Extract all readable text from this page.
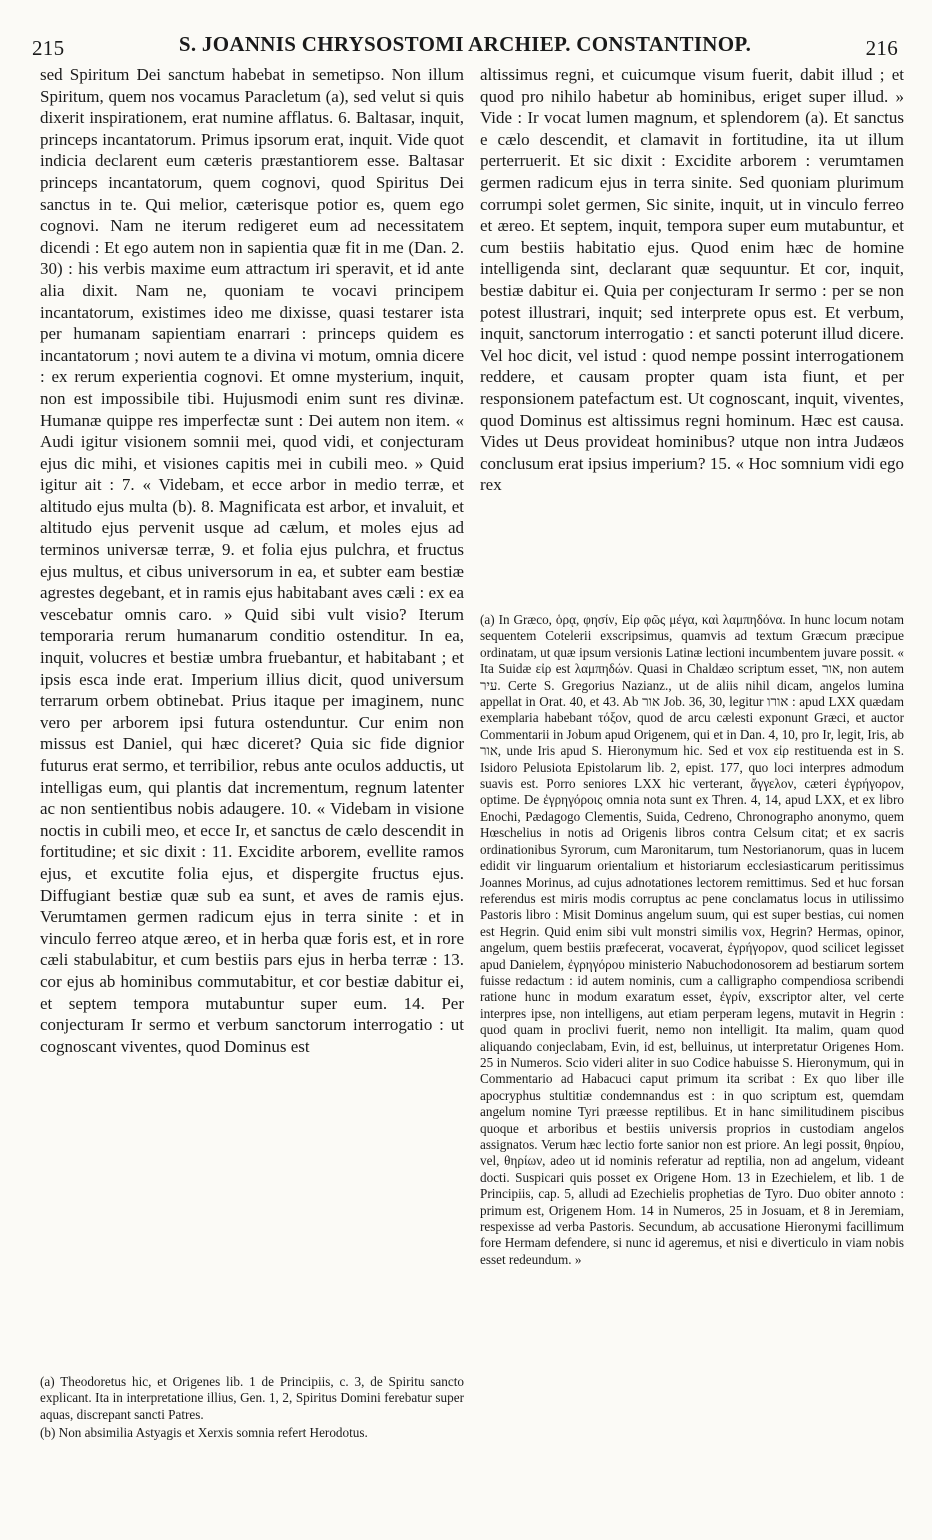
215	S. JOANNIS CHRYSOSTOMI ARCHIEP. CONSTANTINOP.	216

sed Spiritum Dei sanctum habebat in semetipso. Non illum Spiritum, quem nos vocamus Paracletum (a), sed velut si quis dixerit inspirationem, erat numine afflatus. 6. Baltasar, inquit, princeps incantatorum. Primus ipsorum erat, inquit. Vide quot indicia declarent eum cæteris præstantiorem esse. Baltasar princeps incantatorum, quem cognovi, quod Spiritus Dei sanctus in te. Qui melior, cæterisque potior es, quem ego cognovi. Nam ne iterum redigeret eum ad necessitatem dicendi : Et ego autem non in sapientia quæ fit in me (Dan. 2. 30) : his verbis maxime eum attractum iri speravit, et id ante alia dixit. Nam ne, quoniam te vocavi principem incantatorum, existimes ideo me dixisse, quasi testarer ista per humanam sapientiam enarrari : princeps quidem es incantatorum ; novi autem te a divina vi motum, omnia dicere : ex rerum experientia cognovi. Et omne mysterium, inquit, non est impossibile tibi. Hujusmodi enim sunt res divinæ. Humanæ quippe res imperfectæ sunt : Dei autem non item. « Audi igitur visionem somnii mei, quod vidi, et conjecturam ejus dic mihi, et visiones capitis mei in cubili meo. » Quid igitur ait : 7. « Videbam, et ecce arbor in medio terræ, et altitudo ejus multa (b). 8. Magnificata est arbor, et invaluit, et altitudo ejus pervenit usque ad cælum, et moles ejus ad terminos universæ terræ, 9. et folia ejus pulchra, et fructus ejus multus, et cibus universorum in ea, et subter eam bestiæ agrestes degebant, et in ramis ejus habitabant aves cæli : ex ea vescebatur omnis caro. » Quid sibi vult visio? Iterum temporaria rerum humanarum conditio ostenditur. In ea, inquit, volucres et bestiæ umbra fruebantur, et habitabant ; et ipsis esca inde erat. Imperium illius dicit, quod universum terrarum orbem obtinebat. Prius itaque per imaginem, nunc vero per arborem ipsi futura ostenduntur. Cur enim non missus est Daniel, qui hæc diceret? Quia sic fide dignior futurus erat sermo, et terribilior, rebus ante oculos adductis, ut intelligas eum, qui plantis dat incrementum, regnum latenter ac non sentientibus nobis adaugere. 10. « Videbam in visione noctis in cubili meo, et ecce Ir, et sanctus de cælo descendit in fortitudine; et sic dixit : 11. Excidite arborem, evellite ramos ejus, et excutite folia ejus, et dispergite fructus ejus. Diffugiant bestiæ quæ sub ea sunt, et aves de ramis ejus. Verumtamen germen radicum ejus in terra sinite : et in vinculo ferreo atque æreo, et in herba quæ foris est, et in rore cæli stabulabitur, et cum bestiis pars ejus in herba terræ : 13. cor ejus ab hominibus commutabitur, et cor bestiæ dabitur ei, et septem tempora mutabuntur super eum. 14. Per conjecturam Ir sermo et verbum sanctorum interrogatio : ut cognoscant viventes, quod Dominus est

(a) Theodoretus hic, et Origenes lib. 1 de Principiis, c. 3, de Spiritu sancto explicant. Ita in interpretatione illius, Gen. 1, 2, Spiritus Domini ferebatur super aquas, discrepant sancti Patres.

(b) Non absimilia Astyagis et Xerxis somnia refert Herodotus.

altissimus regni, et cuicumque visum fuerit, dabit illud ; et quod pro nihilo habetur ab hominibus, eriget super illud. » Vide : Ir vocat lumen magnum, et splendorem (a). Et sanctus e cælo descendit, et clamavit in fortitudine, ita ut illum perterruerit. Et sic dixit : Excidite arborem : verumtamen germen radicum ejus in terra sinite. Sed quoniam plurimum corrumpi solet germen, Sic sinite, inquit, ut in vinculo ferreo et æreo. Et septem, inquit, tempora super eum mutabuntur, et cum bestiis habitatio ejus. Quod enim hæc de homine intelligenda sint, declarant quæ sequuntur. Et cor, inquit, bestiæ dabitur ei. Quia per conjecturam Ir sermo : per se non potest illustrari, inquit; sed interprete opus est. Et verbum, inquit, sanctorum interrogatio : et sancti poterunt illud dicere. Vel hoc dicit, vel istud : quod nempe possint interrogationem reddere, et causam propter quam ista fiunt, et per responsionem patefactum est. Ut cognoscant, inquit, viventes, quod Dominus est altissimus regni hominum. Hæc est causa. Vides ut Deus provideat hominibus? utque non intra Judæos conclusum erat ipsius imperium? 15. « Hoc somnium vidi ego rex

(a) In Græco, ὁρᾳ, φησίν, Εἰρ φῶς μέγα, καὶ λαμπηδόνα. In hunc locum notam sequentem Cotelerii exscripsimus, quamvis ad textum Græcum præcipue ordinatam, ut quæ ipsum versionis Latinæ lectioni incumbentem juvare possit. « Ita Suidæ εἰρ est λαμπηδών. Quasi in Chaldæo scriptum esset, אור, non autem עיר. Certe S. Gregorius Nazianz., ut de aliis nihil dicam, angelos lumina appellat in Orat. 40, et 43. Ab אור Job. 36, 30, legitur אורו : apud LXX quædam exemplaria habebant τόξον, quod de arcu cælesti exponunt Græci, et auctor Commentarii in Jobum apud Origenem, qui et in Dan. 4, 10, pro Ir, legit, Iris, ab אור, unde Iris apud S. Hieronymum hic. Sed et vox εἰρ restituenda est in S. Isidoro Pelusiota Epistolarum lib. 2, epist. 177, quo loci interpres admodum suavis est. Porro seniores LXX hic verterant, ἄγγελον, cæteri ἐγρήγορον, optime. De ἐγρηγόροις omnia nota sunt ex Thren. 4, 14, apud LXX, et ex libro Enochi, Pædagogo Clementis, Suida, Cedreno, Chronographo anonymo, quem Hœschelius in notis ad Origenis libros contra Celsum citat; et ex sacris ordinationibus Syrorum, cum Maronitarum, tum Nestorianorum, quas in lucem edidit vir linguarum orientalium et historiarum ecclesiasticarum peritissimus Joannes Morinus, ad cujus adnotationes lectorem remittimus. Sed et huc forsan referendus est miris modis corruptus ac pene conclamatus locus in utilissimo Pastoris libro : Misit Dominus angelum suum, qui est super bestias, cui nomen est Hegrin. Quid enim sibi vult monstri similis vox, Hegrin? Hermas, opinor, angelum, quem bestiis præfecerat, vocaverat, ἐγρήγορον, quod scilicet legisset apud Danielem, ἐγρηγόρου ministerio Nabuchodonosorem ad bestiarum sortem fuisse redactum : id autem nominis, cum a calligrapho compendiosa scribendi ratione hunc in modum exaratum esset, ἐγρίν, exscriptor alter, vel certe interpres ipse, non intelligens, aut etiam perperam legens, mutavit in Hegrin : quod quam in proclivi fuerit, nemo non intelligit. Ita malim, quam quod aliquando conjeclabam, Evin, id est, belluinus, ut interpretatur Origenes Hom. 25 in Numeros. Scio videri aliter in suo Codice habuisse S. Hieronymum, qui in Commentario ad Habacuci caput primum ita scribat : Ex quo liber ille apocryphus stultitiæ condemnandus est : in quo scriptum est, quemdam angelum nomine Tyri præesse reptilibus. Et in hanc similitudinem piscibus quoque et arboribus et bestiis universis proprios in custodiam angelos assignatos. Verum hæc lectio forte sanior non est priore. An legi possit, θηρίου, vel, θηρίων, adeo ut id nominis referatur ad reptilia, non ad angelum, videant docti. Suspicari quis posset ex Origene Hom. 13 in Ezechielem, et lib. 1 de Principiis, cap. 5, alludi ad Ezechielis prophetias de Tyro. Duo obiter annoto : primum est, Origenem Hom. 14 in Numeros, 25 in Josuam, et 8 in Jeremiam, respexisse ad verba Pastoris. Secundum, ab accusatione Hieronymi facillimum fore Hermam defendere, si nunc id ageremus, et nisi e diverticulo in viam nobis esset redeundum. »
